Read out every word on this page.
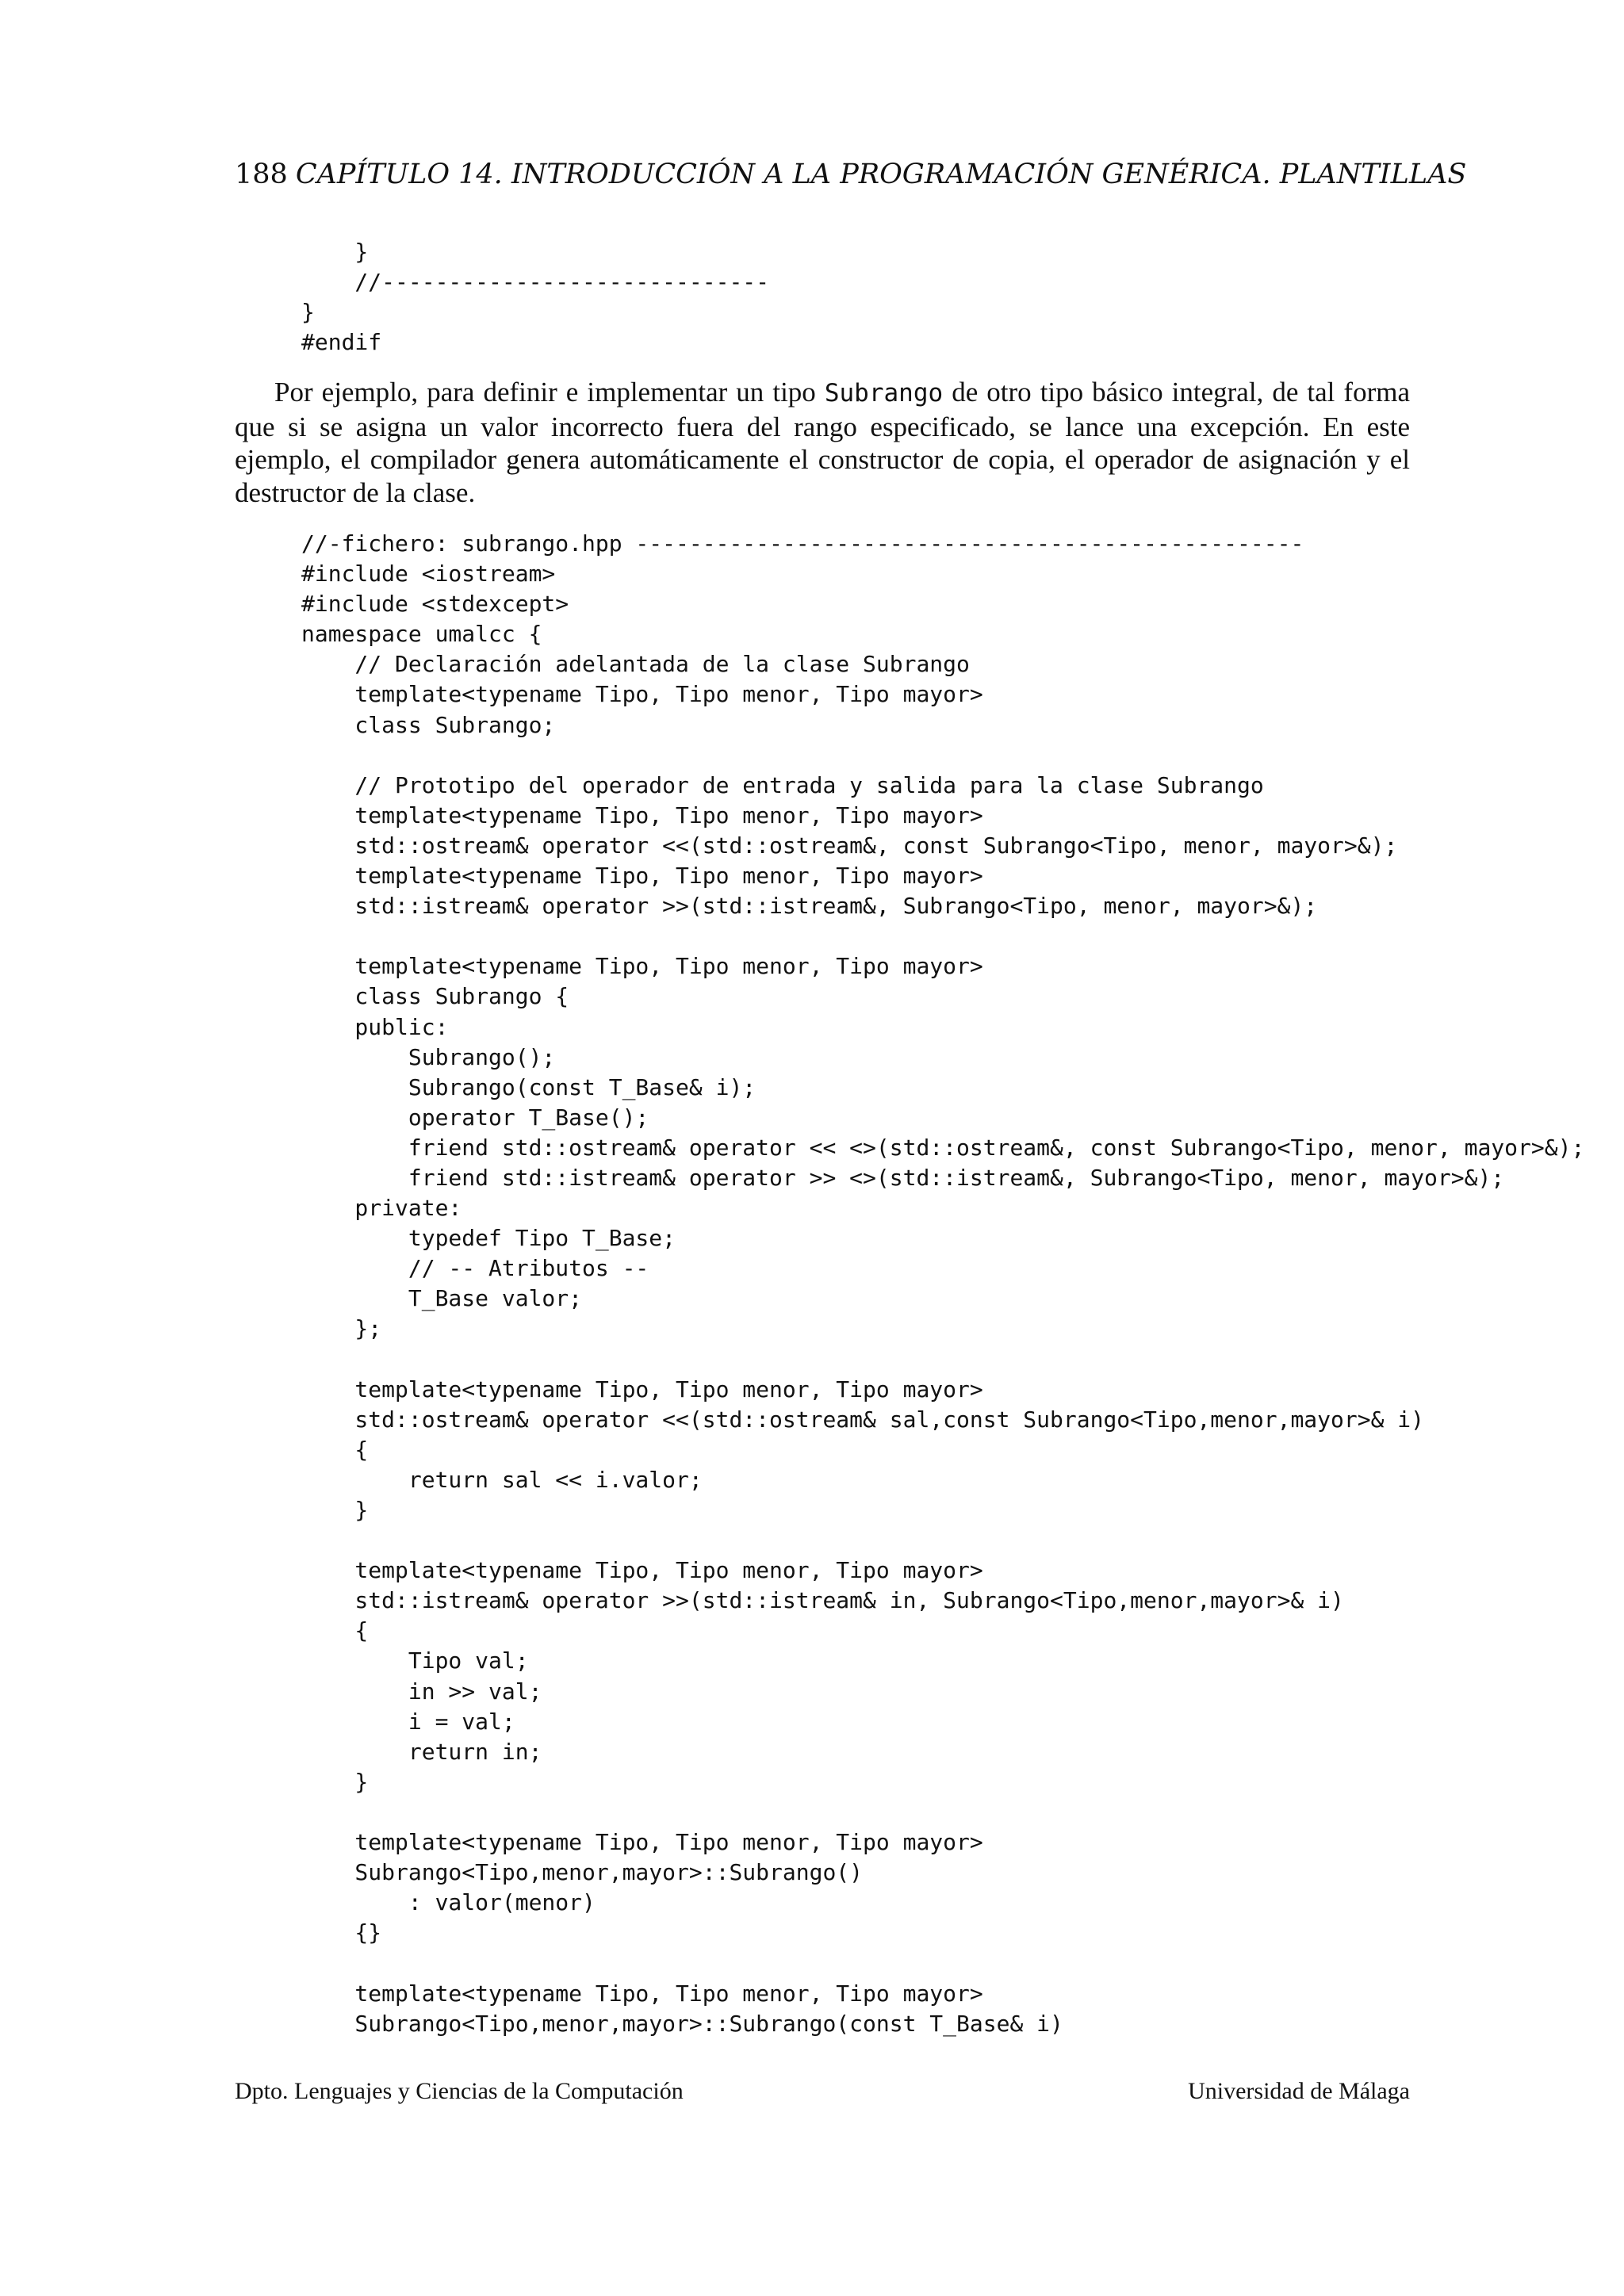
188 CAPÍTULO 14. INTRODUCCIÓN A LA PROGRAMACIÓN GENÉRICA. PLANTILLAS
}
//-----------------------------
}
#endif

Por ejemplo, para definir e implementar un tipo Subrango de otro tipo básico integral, de tal forma que si se asigna un valor incorrecto fuera del rango especificado, se lance una excepción. En este ejemplo, el compilador genera automáticamente el constructor de copia, el operador de asignación y el destructor de la clase.

//-fichero: subrango.hpp --------------------------------------------------
#include <iostream>
#include <stdexcept>
namespace umalcc {
// Declaración adelantada de la clase Subrango
template<typename Tipo, Tipo menor, Tipo mayor>
class Subrango;
// Prototipo del operador de entrada y salida para la clase Subrango
template<typename Tipo, Tipo menor, Tipo mayor>
std::ostream& operator <<(std::ostream&, const Subrango<Tipo, menor, mayor>&);
template<typename Tipo, Tipo menor, Tipo mayor>
std::istream& operator >>(std::istream&, Subrango<Tipo, menor, mayor>&);
template<typename Tipo, Tipo menor, Tipo mayor>
class Subrango {
public:
Subrango();
Subrango(const T_Base& i);
operator T_Base();
friend std::ostream& operator << <>(std::ostream&, const Subrango<Tipo, menor, mayor>&);
friend std::istream& operator >> <>(std::istream&, Subrango<Tipo, menor, mayor>&);
private:
typedef Tipo T_Base;
// -- Atributos --
T_Base valor;
};
template<typename Tipo, Tipo menor, Tipo mayor>
std::ostream& operator <<(std::ostream& sal,const Subrango<Tipo,menor,mayor>& i)
{
return sal << i.valor;
}
template<typename Tipo, Tipo menor, Tipo mayor>
std::istream& operator >>(std::istream& in, Subrango<Tipo,menor,mayor>& i)
{
Tipo val;
in >> val;
i = val;
return in;
}
template<typename Tipo, Tipo menor, Tipo mayor>
Subrango<Tipo,menor,mayor>::Subrango()
: valor(menor)
{}
template<typename Tipo, Tipo menor, Tipo mayor>
Subrango<Tipo,menor,mayor>::Subrango(const T_Base& i)
Dpto. Lenguajes y Ciencias de la Computación	Universidad de Málaga
